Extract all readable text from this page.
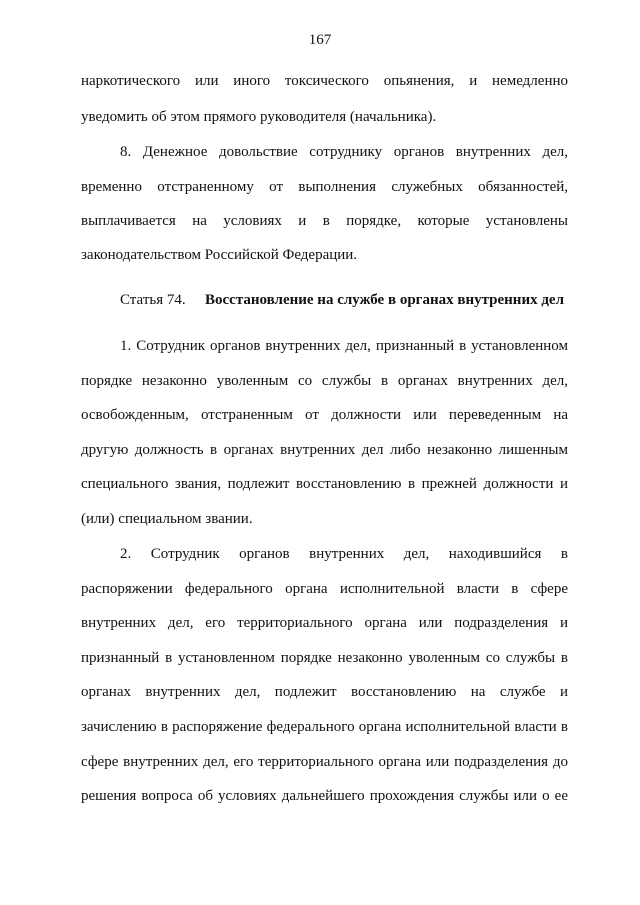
167

наркотического или иного токсического опьянения, и немедленно

уведомить об этом прямого руководителя (начальника).

8. Денежное довольствие сотруднику органов внутренних дел,

временно отстраненному от выполнения служебных обязанностей,

выплачивается на условиях и в порядке, которые установлены

законодательством Российской Федерации.

Статья 74. Восстановление на службе в органах внутренних дел

1. Сотрудник органов внутренних дел, признанный в установленном

порядке незаконно уволенным со службы в органах внутренних дел,

освобожденным, отстраненным от должности или переведенным на

другую должность в органах внутренних дел либо незаконно лишенным

специального звания, подлежит восстановлению в прежней должности и

(или) специальном звании.

2. Сотрудник органов внутренних дел, находившийся в

распоряжении федерального органа исполнительной власти в сфере

внутренних дел, его территориального органа или подразделения и

признанный в установленном порядке незаконно уволенным со службы в

органах внутренних дел, подлежит восстановлению на службе и

зачислению в распоряжение федерального органа исполнительной власти в

сфере внутренних дел, его территориального органа или подразделения до

решения вопроса об условиях дальнейшего прохождения службы или о ее
